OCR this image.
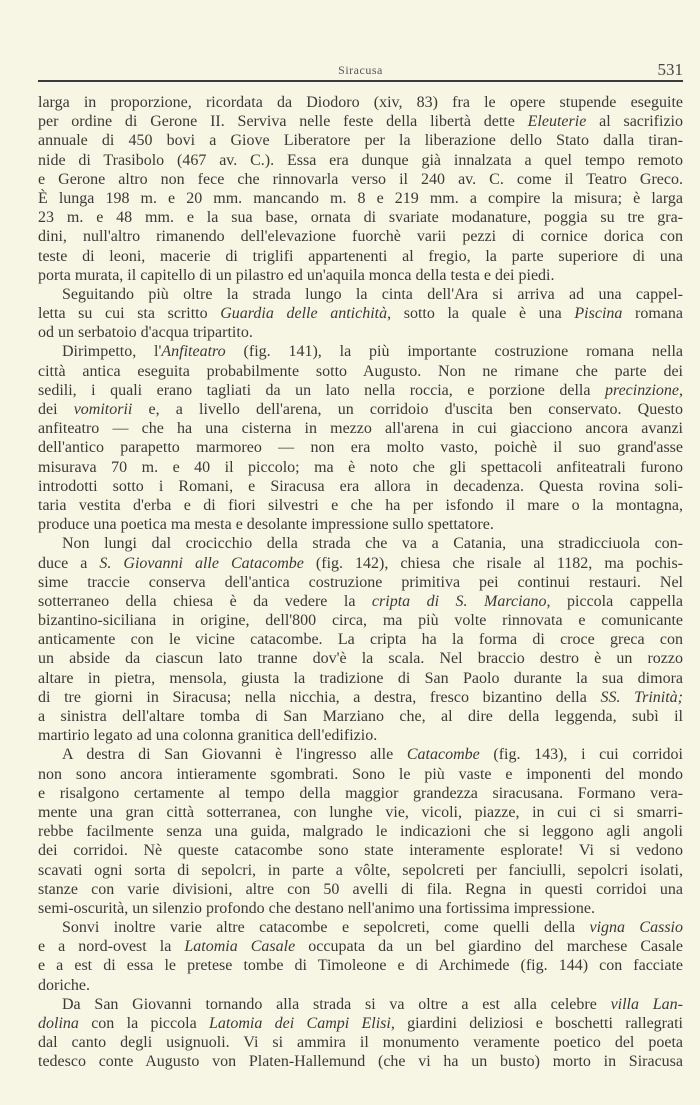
Siracusa	531
larga in proporzione, ricordata da Diodoro (xiv, 83) fra le opere stupende eseguite
per ordine di Gerone II. Serviva nelle feste della libertà dette Eleuterie al sacrifizio
annuale di 450 bovi a Giove Liberatore per la liberazione dello Stato dalla tiran-
nide di Trasibolo (467 av. C.). Essa era dunque già innalzata a quel tempo remoto
e Gerone altro non fece che rinnovarla verso il 240 av. C. come il Teatro Greco.
È lunga 198 m. e 20 mm. mancando m. 8 e 219 mm. a compire la misura; è larga
23 m. e 48 mm. e la sua base, ornata di svariate modanature, poggia su tre gra-
dini, null'altro rimanendo dell'elevazione fuorchè varii pezzi di cornice dorica con
teste di leoni, macerie di triglifi appartenenti al fregio, la parte superiore di una
porta murata, il capitello di un pilastro ed un'aquila monca della testa e dei piedi.
Seguitando più oltre la strada lungo la cinta dell'Ara si arriva ad una cappel-
letta su cui sta scritto Guardia delle antichità, sotto la quale è una Piscina romana
od un serbatoio d'acqua tripartito.
Dirimpetto, l'Anfiteatro (fig. 141), la più importante costruzione romana nella
città antica eseguita probabilmente sotto Augusto. Non ne rimane che parte dei
sedili, i quali erano tagliati da un lato nella roccia, e porzione della precinzione,
dei vomitorii e, a livello dell'arena, un corridoio d'uscita ben conservato. Questo
anfiteatro — che ha una cisterna in mezzo all'arena in cui giacciono ancora avanzi
dell'antico parapetto marmoreo — non era molto vasto, poichè il suo grand'asse
misurava 70 m. e 40 il piccolo; ma è noto che gli spettacoli anfiteatrali furono
introdotti sotto i Romani, e Siracusa era allora in decadenza. Questa rovina soli-
taria vestita d'erba e di fiori silvestri e che ha per isfondo il mare o la montagna,
produce una poetica ma mesta e desolante impressione sullo spettatore.
Non lungi dal crocicchio della strada che va a Catania, una stradicciuola con-
duce a S. Giovanni alle Catacombe (fig. 142), chiesa che risale al 1182, ma pochis-
sime traccie conserva dell'antica costruzione primitiva pei continui restauri. Nel
sotterraneo della chiesa è da vedere la cripta di S. Marciano, piccola cappella
bizantino-siciliana in origine, dell'800 circa, ma più volte rinnovata e comunicante
anticamente con le vicine catacombe. La cripta ha la forma di croce greca con
un abside da ciascun lato tranne dov'è la scala. Nel braccio destro è un rozzo
altare in pietra, mensola, giusta la tradizione di San Paolo durante la sua dimora
di tre giorni in Siracusa; nella nicchia, a destra, fresco bizantino della SS. Trinità;
a sinistra dell'altare tomba di San Marziano che, al dire della leggenda, subì il
martirio legato ad una colonna granitica dell'edifizio.
A destra di San Giovanni è l'ingresso alle Catacombe (fig. 143), i cui corridoi
non sono ancora intieramente sgombrati. Sono le più vaste e imponenti del mondo
e risalgono certamente al tempo della maggior grandezza siracusana. Formano vera-
mente una gran città sotterranea, con lunghe vie, vicoli, piazze, in cui ci si smarri-
rebbe facilmente senza una guida, malgrado le indicazioni che si leggono agli angoli
dei corridoi. Nè queste catacombe sono state interamente esplorate! Vi si vedono
scavati ogni sorta di sepolcri, in parte a vôlte, sepolcreti per fanciulli, sepolcri isolati,
stanze con varie divisioni, altre con 50 avelli di fila. Regna in questi corridoi una
semi-oscurità, un silenzio profondo che destano nell'animo una fortissima impressione.
Sonvi inoltre varie altre catacombe e sepolcreti, come quelli della vigna Cassio
e a nord-ovest la Latomia Casale occupata da un bel giardino del marchese Casale
e a est di essa le pretese tombe di Timoleone e di Archimede (fig. 144) con facciate
doriche.
Da San Giovanni tornando alla strada si va oltre a est alla celebre villa Lan-
dolina con la piccola Latomia dei Campi Elisi, giardini deliziosi e boschetti rallegrati
dal canto degli usignuoli. Vi si ammira il monumento veramente poetico del poeta
tedesco conte Augusto von Platen-Hallemund (che vi ha un busto) morto in Siracusa
